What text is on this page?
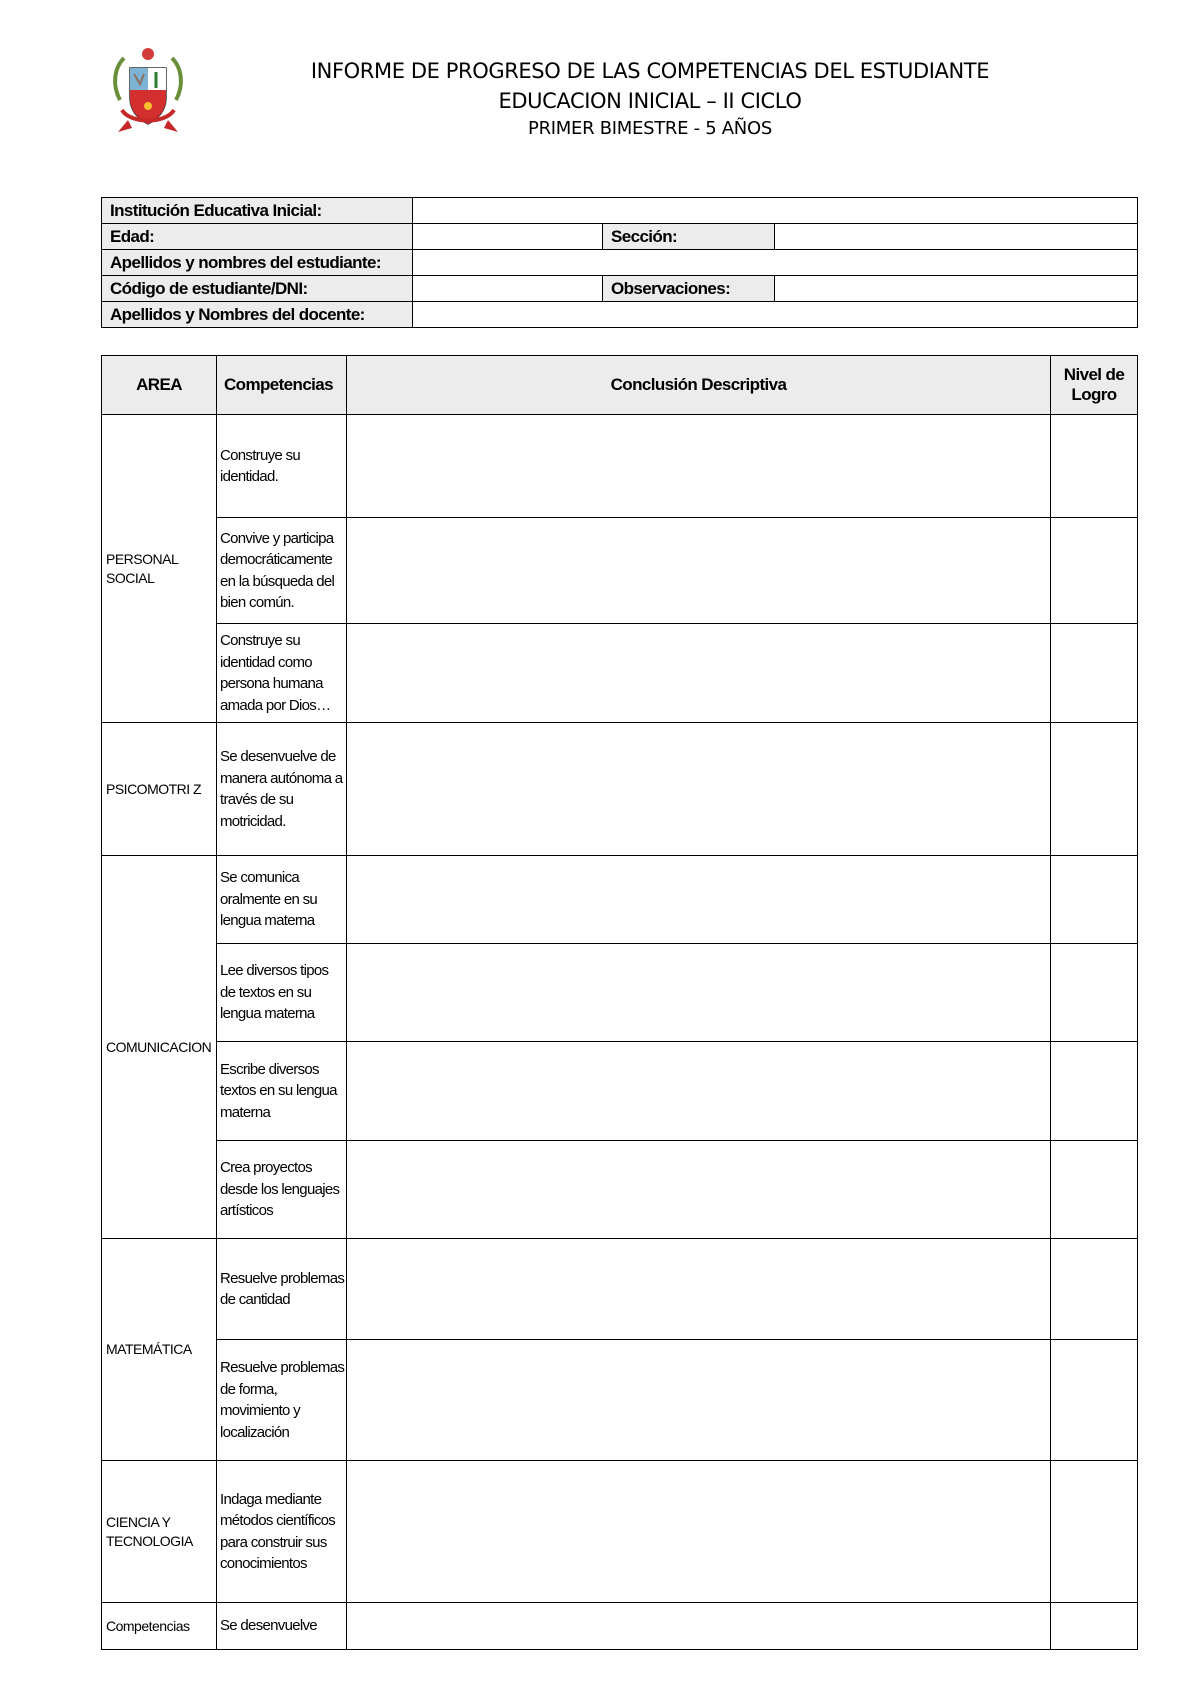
INFORME DE PROGRESO DE LAS COMPETENCIAS DEL ESTUDIANTE
EDUCACION INICIAL – II CICLO
PRIMER BIMESTRE - 5 AÑOS
Institución Educativa Inicial:			
Edad:		Sección:	
Apellidos y nombres del estudiante:			
Código de estudiante/DNI:		Observaciones:	
Apellidos y Nombres del docente:			
AREA	Competencias	Conclusión Descriptiva	Nivel de
Logro

PERSONAL SOCIAL	Construye su identidad.		
	Convive y participa democráticamente en la búsqueda del bien común.		
	Construye su identidad como persona humana amada por Dios…		
PSICOMOTRI Z	Se desenvuelve de manera autónoma a través de su motricidad.		
COMUNICACION	Se comunica oralmente en su lengua materna		
	Lee diversos tipos de textos en su lengua materna		
	Escribe diversos textos en su lengua materna		
	Crea proyectos desde los lenguajes artísticos		
MATEMÁTICA	Resuelve problemas de cantidad		
	Resuelve problemas de forma, movimiento y localización		
CIENCIA Y TECNOLOGIA	Indaga mediante métodos científicos para construir sus conocimientos		
Competencias	Se desenvuelve		
